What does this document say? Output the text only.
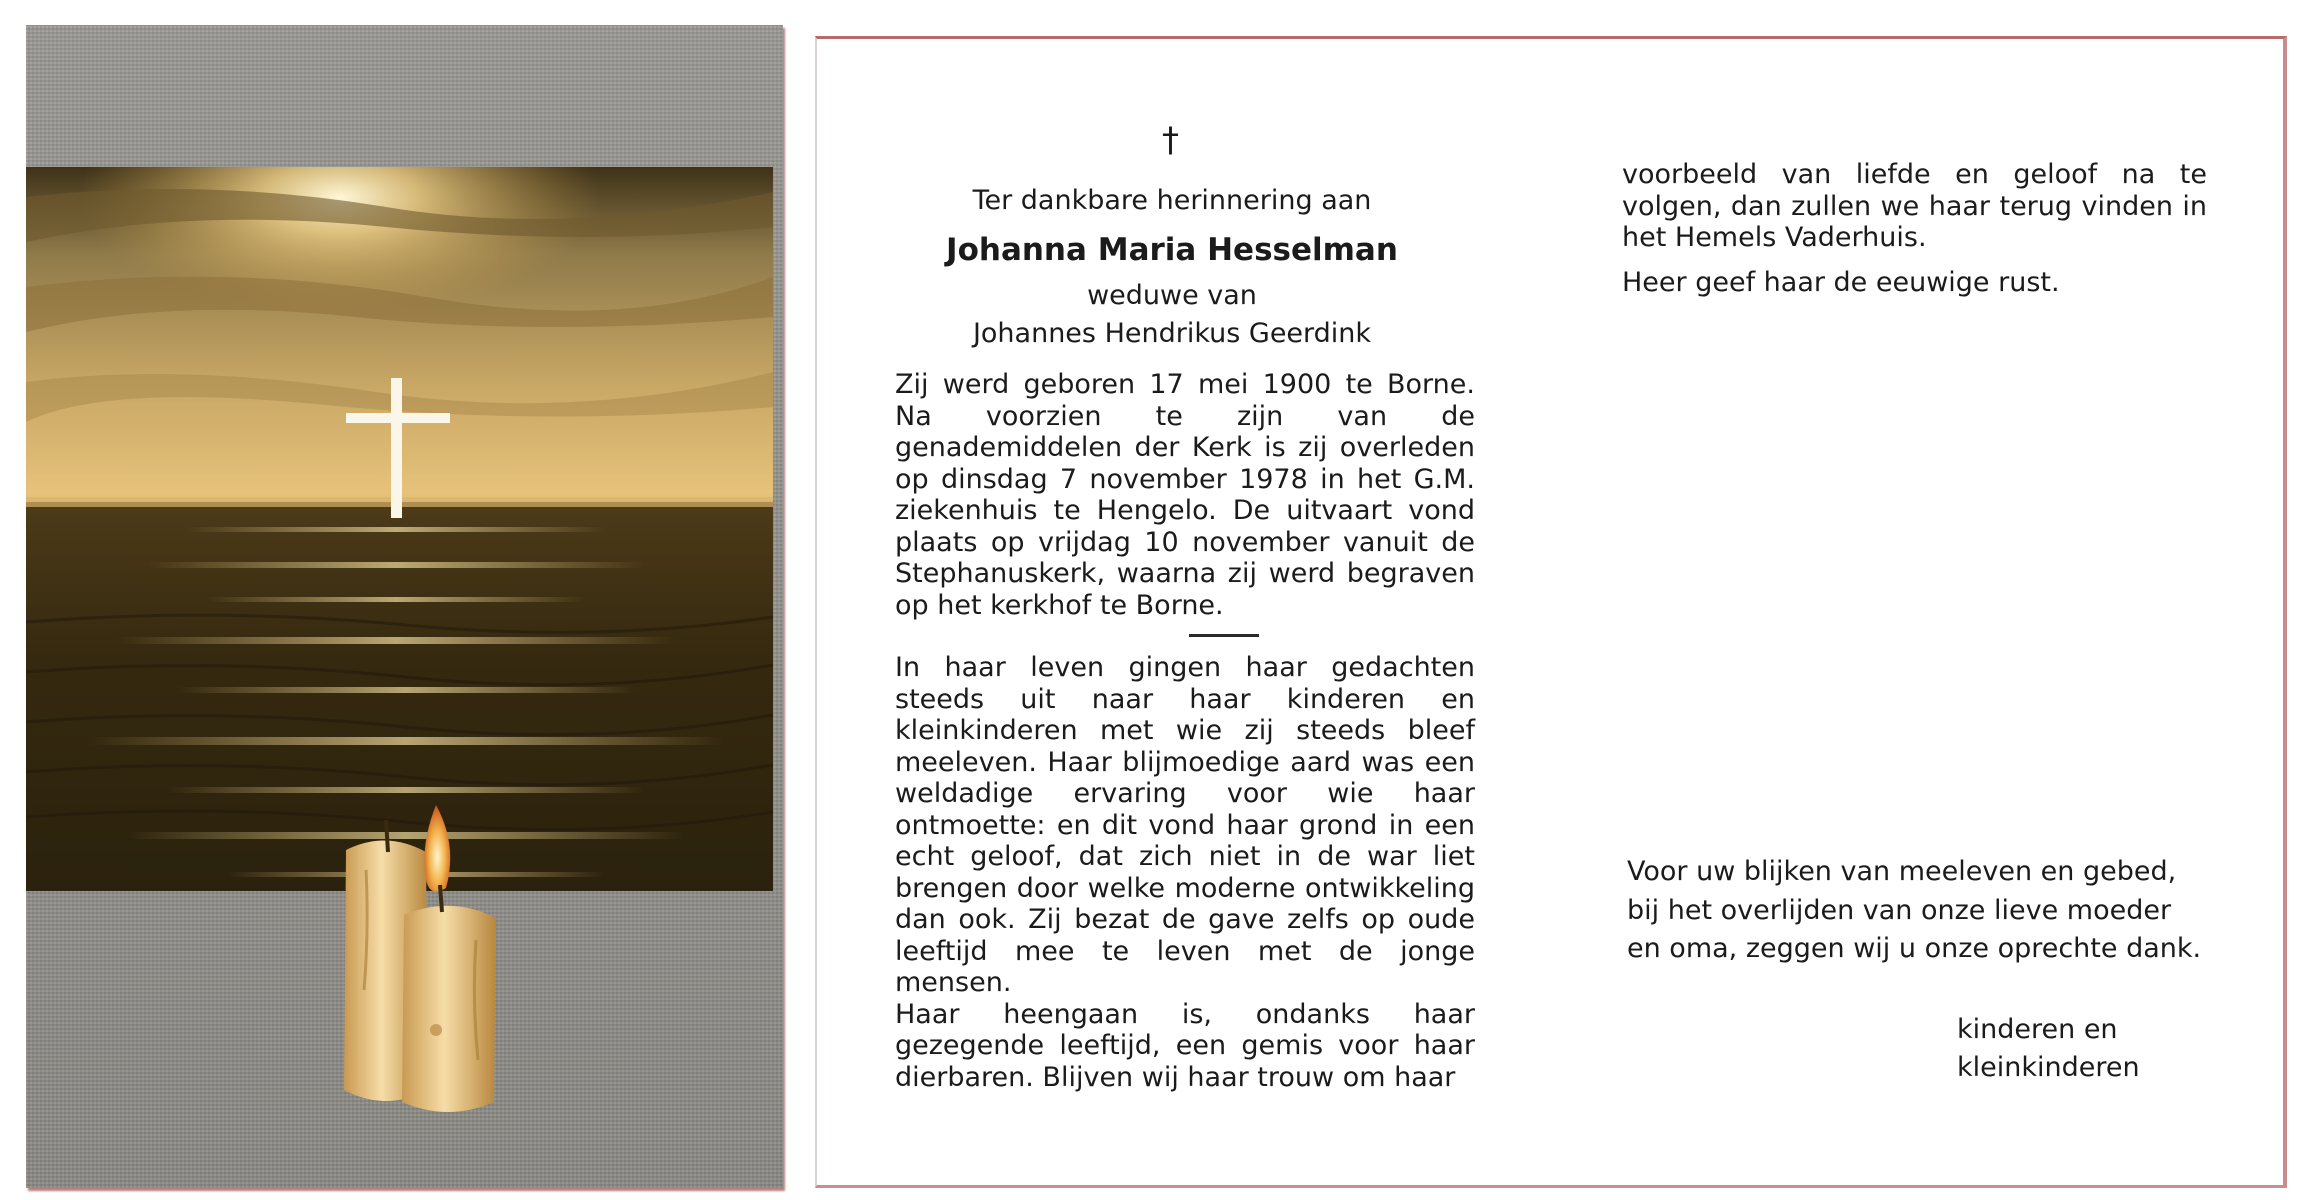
†
Ter dankbare herinnering aan
Johanna Maria Hesselman
weduwe van
Johannes Hendrikus Geerdink
Zij werd geboren 17 mei 1900 te Borne. Na voorzien te zijn van de genademiddelen der Kerk is zij overleden op dinsdag 7 november 1978 in het G.M. ziekenhuis te Hengelo. De uitvaart vond plaats op vrijdag 10 november vanuit de Stephanuskerk, waarna zij werd begraven op het kerkhof te Borne.

In haar leven gingen haar gedachten steeds uit naar haar kinderen en kleinkinderen met wie zij steeds bleef meeleven. Haar blijmoedige aard was een weldadige ervaring voor wie haar ontmoette: en dit vond haar grond in een echt geloof, dat zich niet in de war liet brengen door welke moderne ontwikkeling dan ook. Zij bezat de gave zelfs op oude leeftijd mee te leven met de jonge mensen.

Haar heengaan is, ondanks haar gezegende leeftijd, een gemis voor haar dierbaren. Blijven wij haar trouw om haar

voorbeeld van liefde en geloof na te volgen, dan zullen we haar terug vinden in het Hemels Vaderhuis.
Heer geef haar de eeuwige rust.
Voor uw blijken van meeleven en gebed, bij het overlijden van onze lieve moeder en oma, zeggen wij u onze oprechte dank.
kinderen en
kleinkinderen
